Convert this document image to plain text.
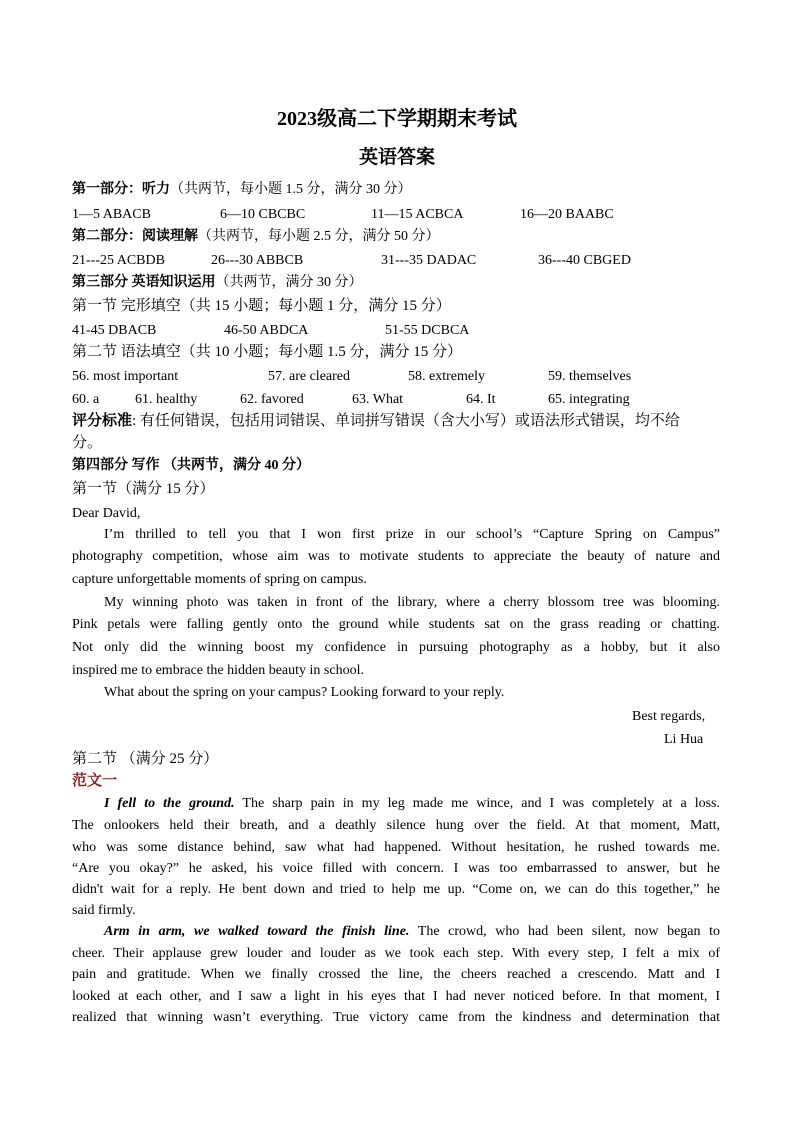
2023级高二下学期期末考试
英语答案
第一部分：听力（共两节，每小题 1.5 分，满分 30 分）
1—5 ABACB	6—10 CBCBC	11—15 ACBCA	16—20 BAABC
第二部分：阅读理解（共两节，每小题 2.5 分，满分 50 分）
21---25 ACBDB	26---30 ABBCB	31---35 DADAC	36---40 CBGED
第三部分 英语知识运用（共两节，满分 30 分）
第一节 完形填空（共 15 小题；每小题 1 分，满分 15 分）
41-45 DBACB	46-50 ABDCA	51-55 DCBCA
第二节 语法填空（共 10 小题；每小题 1.5 分，满分 15 分）
56. most important	57. are cleared	58. extremely	59. themselves
60. a	61. healthy	62. favored	63. What	64. It	65. integrating
评分标准: 有任何错误，包括用词错误、单词拼写错误（含大小写）或语法形式错误，均不给
分。
第四部分 写作 （共两节，满分 40 分）
第一节（满分 15 分）
Dear David,
I’m thrilled to tell you that I won first prize in our school’s “Capture Spring on Campus”
photography competition, whose aim was to motivate students to appreciate the beauty of nature and
capture unforgettable moments of spring on campus.
My winning photo was taken in front of the library, where a cherry blossom tree was blooming.
Pink petals were falling gently onto the ground while students sat on the grass reading or chatting.
Not only did the winning boost my confidence in pursuing photography as a hobby, but it also
inspired me to embrace the hidden beauty in school.
What about the spring on your campus? Looking forward to your reply.
Best regards,
Li Hua
第二节 （满分 25 分）
范文一
I fell to the ground. The sharp pain in my leg made me wince, and I was completely at a loss.
The onlookers held their breath, and a deathly silence hung over the field. At that moment, Matt,
who was some distance behind, saw what had happened. Without hesitation, he rushed towards me.
“Are you okay?” he asked, his voice filled with concern. I was too embarrassed to answer, but he
didn't wait for a reply. He bent down and tried to help me up. “Come on, we can do this together,” he
said firmly.
Arm in arm, we walked toward the finish line. The crowd, who had been silent, now began to
cheer. Their applause grew louder and louder as we took each step. With every step, I felt a mix of
pain and gratitude. When we finally crossed the line, the cheers reached a crescendo. Matt and I
looked at each other, and I saw a light in his eyes that I had never noticed before. In that moment, I
realized that winning wasn’t everything. True victory came from the kindness and determination that
